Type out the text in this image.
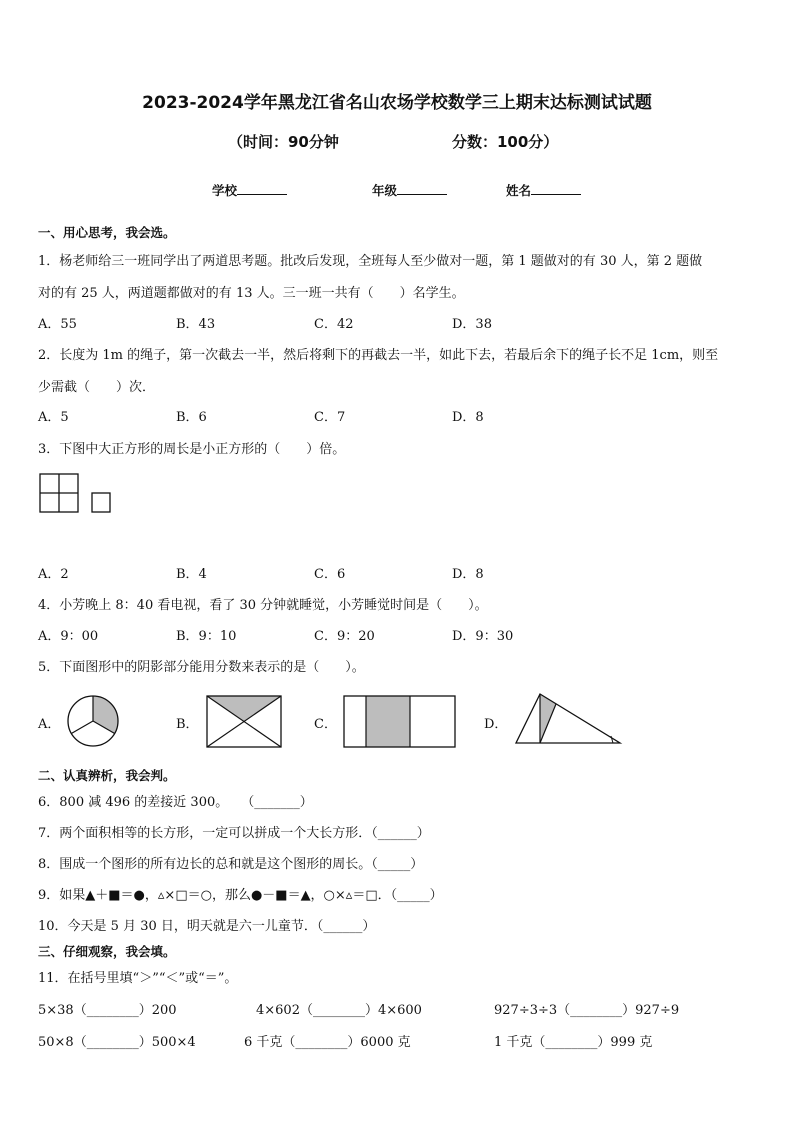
2023-2024学年黑龙江省名山农场学校数学三上期末达标测试试题
（时间：90分钟	分数：100分）
学校	年级	姓名
一、用心思考，我会选。
1．杨老师给三一班同学出了两道思考题。批改后发现，全班每人至少做对一题，第 1 题做对的有 30 人，第 2 题做
对的有 25 人，两道题都做对的有 13 人。三一班一共有（　　）名学生。
A．55	B．43	C．42	D．38
2．长度为 1m 的绳子，第一次截去一半，然后将剩下的再截去一半，如此下去，若最后余下的绳子长不足 1cm，则至
少需截（　　）次．
A．5	B．6	C．7	D．8
3．下图中大正方形的周长是小正方形的（　　）倍。
A．2	B．4	C．6	D．8
4．小芳晚上 8：40 看电视，看了 30 分钟就睡觉，小芳睡觉时间是（　　）。
A．9：00	B．9：10	C．9：20	D．9：30
5．下面图形中的阴影部分能用分数来表示的是（　　）。
A．	B．	C．	D．
二、认真辨析，我会判。
6．800 减 496 的差接近 300。　　（_______）
7．两个面积相等的长方形，一定可以拼成一个大长方形．（______）
8．围成一个图形的所有边长的总和就是这个图形的周长。（_____）
9．如果▲＋■＝●，▵×□＝○，那么●－■＝▲，○×▵＝□．（_____）
10．今天是 5 月 30 日，明天就是六一儿童节．（______）
三、仔细观察，我会填。
11．在括号里填“＞”“＜”或“＝”。
5×38（________）200	4×602（________）4×600	927÷3÷3（________）927÷9
50×8（________）500×4	6 千克（________）6000 克	1 千克（________）999 克
